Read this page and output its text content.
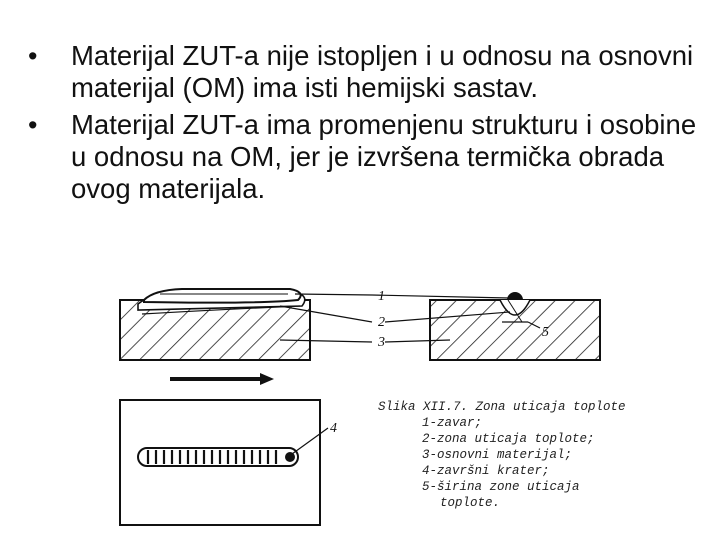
• Materijal ZUT-a nije istopljen i u odnosu na osnovni materijal (OM) ima isti hemijski sastav.
• Materijal ZUT-a ima promenjenu strukturu i osobine u odnosu na OM, jer je izvršena termička obrada ovog materijala.
1
2
3
5
4
Slika XII.7. Zona uticaja toplote
1-zavar;
2-zona uticaja toplote;
3-osnovni materijal;
4-završni krater;
5-širina zone uticaja
toplote.
